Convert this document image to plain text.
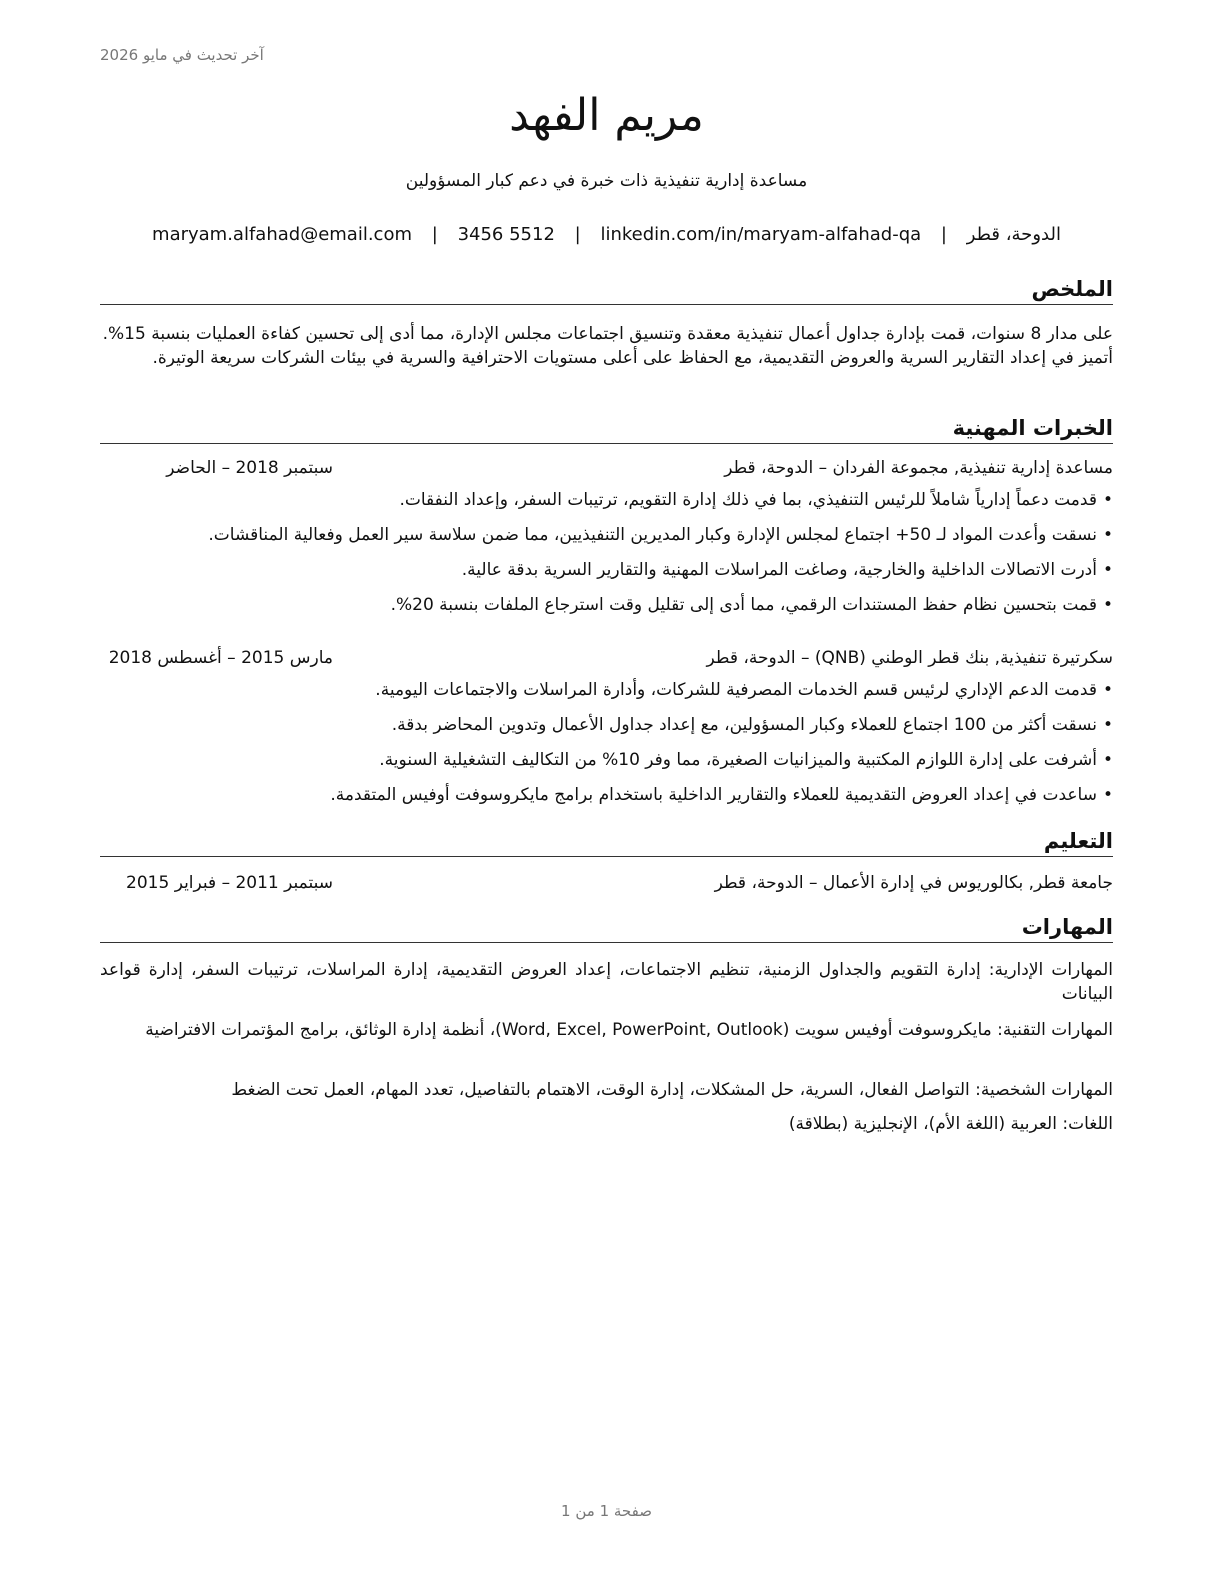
آخر تحديث في مايو 2026
مريم الفهد
مساعدة إدارية تنفيذية ذات خبرة في دعم كبار المسؤولين
الدوحة، قطر | maryam.alfahad@email.com | 3456 5512 | linkedin.com/in/maryam-alfahad-qa
الملخص

على مدار 8 سنوات، قمت بإدارة جداول أعمال تنفيذية معقدة وتنسيق اجتماعات مجلس الإدارة، مما أدى إلى تحسين كفاءة العمليات بنسبة 15%. أتميز في إعداد التقارير السرية والعروض التقديمية، مع الحفاظ على أعلى مستويات الاحترافية والسرية في بيئات الشركات سريعة الوتيرة.

الخبرات المهنية
مساعدة إدارية تنفيذية, مجموعة الفردان – الدوحة، قطر
سبتمبر 2018 – الحاضر
•قدمت دعماً إدارياً شاملاً للرئيس التنفيذي، بما في ذلك إدارة التقويم، ترتيبات السفر، وإعداد النفقات.
•نسقت وأعدت المواد لـ 50+ اجتماع لمجلس الإدارة وكبار المديرين التنفيذيين، مما ضمن سلاسة سير العمل وفعالية المناقشات.
•أدرت الاتصالات الداخلية والخارجية، وصاغت المراسلات المهنية والتقارير السرية بدقة عالية.
•قمت بتحسين نظام حفظ المستندات الرقمي، مما أدى إلى تقليل وقت استرجاع الملفات بنسبة 20%.
سكرتيرة تنفيذية, بنك قطر الوطني (QNB) – الدوحة، قطر
مارس 2015 – أغسطس 2018
•قدمت الدعم الإداري لرئيس قسم الخدمات المصرفية للشركات، وأدارة المراسلات والاجتماعات اليومية.
•نسقت أكثر من 100 اجتماع للعملاء وكبار المسؤولين، مع إعداد جداول الأعمال وتدوين المحاضر بدقة.
•أشرفت على إدارة اللوازم المكتبية والميزانيات الصغيرة، مما وفر 10% من التكاليف التشغيلية السنوية.
•ساعدت في إعداد العروض التقديمية للعملاء والتقارير الداخلية باستخدام برامج مايكروسوفت أوفيس المتقدمة.
التعليم
جامعة قطر, بكالوريوس في إدارة الأعمال – الدوحة، قطر
سبتمبر 2011 – فبراير 2015
المهارات

المهارات الإدارية: إدارة التقويم والجداول الزمنية، تنظيم الاجتماعات، إعداد العروض التقديمية، إدارة المراسلات، ترتيبات السفر، إدارة قواعد البيانات

المهارات التقنية: مايكروسوفت أوفيس سويت (Word, Excel, PowerPoint, Outlook)، أنظمة إدارة الوثائق، برامج المؤتمرات الافتراضية

المهارات الشخصية: التواصل الفعال، السرية، حل المشكلات، إدارة الوقت، الاهتمام بالتفاصيل، تعدد المهام، العمل تحت الضغط

اللغات: العربية (اللغة الأم)، الإنجليزية (بطلاقة)

صفحة 1 من 1
